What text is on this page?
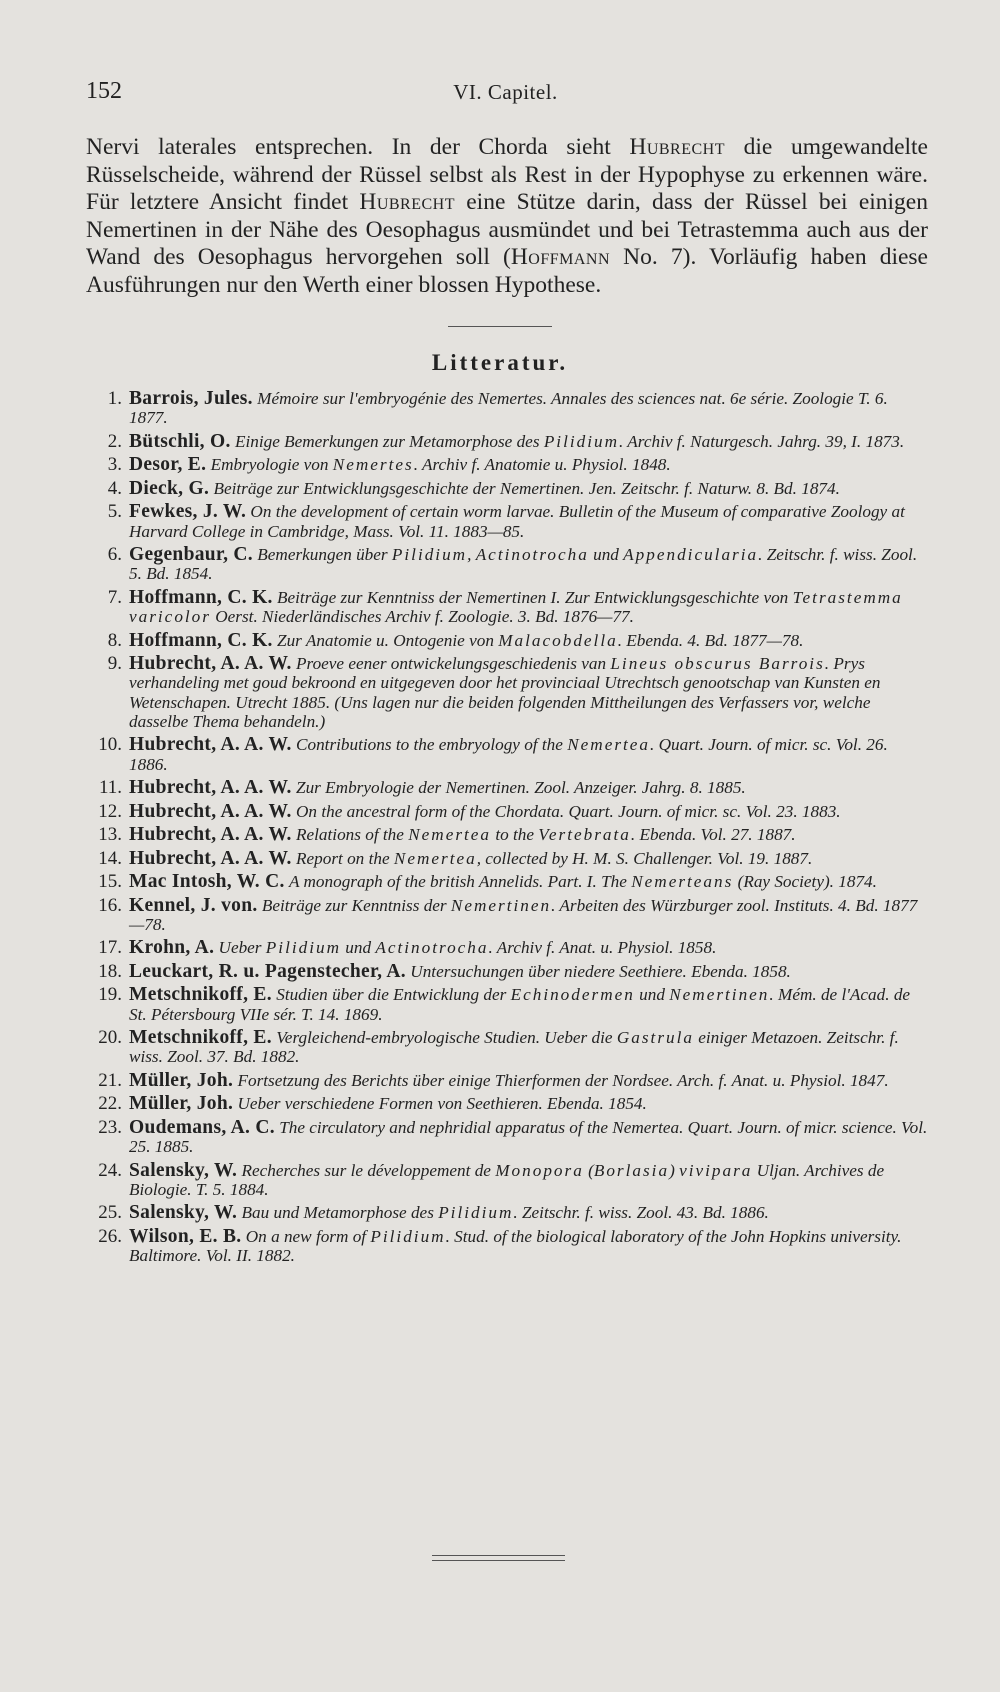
152	VI. Capitel.

Nervi laterales entsprechen. In der Chorda sieht Hubrecht die umgewandelte Rüsselscheide, während der Rüssel selbst als Rest in der Hypophyse zu erkennen wäre. Für letztere Ansicht findet Hubrecht eine Stütze darin, dass der Rüssel bei einigen Nemertinen in der Nähe des Oesophagus ausmündet und bei Tetrastemma auch aus der Wand des Oesophagus hervorgehen soll (Hoffmann No. 7). Vorläufig haben diese Ausführungen nur den Werth einer blossen Hypothese.

Litteratur.
1. Barrois, Jules. Mémoire sur l'embryogénie des Nemertes. Annales des sciences nat. 6e série. Zoologie T. 6. 1877.
2. Bütschli, O. Einige Bemerkungen zur Metamorphose des Pilidium. Archiv f. Naturgesch. Jahrg. 39, I. 1873.
3. Desor, E. Embryologie von Nemertes. Archiv f. Anatomie u. Physiol. 1848.
4. Dieck, G. Beiträge zur Entwicklungsgeschichte der Nemertinen. Jen. Zeitschr. f. Naturw. 8. Bd. 1874.
5. Fewkes, J. W. On the development of certain worm larvae. Bulletin of the Museum of comparative Zoology at Harvard College in Cambridge, Mass. Vol. 11. 1883—85.
6. Gegenbaur, C. Bemerkungen über Pilidium, Actinotrocha und Appendicularia. Zeitschr. f. wiss. Zool. 5. Bd. 1854.
7. Hoffmann, C. K. Beiträge zur Kenntniss der Nemertinen I. Zur Entwicklungsgeschichte von Tetrastemma varicolor Oerst. Niederländisches Archiv f. Zoologie. 3. Bd. 1876—77.
8. Hoffmann, C. K. Zur Anatomie u. Ontogenie von Malacobdella. Ebenda. 4. Bd. 1877—78.
9. Hubrecht, A. A. W. Proeve eener ontwickelungsgeschiedenis van Lineus obscurus Barrois. Prys verhandeling met goud bekroond en uitgegeven door het provinciaal Utrechtsch genootschap van Kunsten en Wetenschapen. Utrecht 1885. (Uns lagen nur die beiden folgenden Mittheilungen des Verfassers vor, welche dasselbe Thema behandeln.)
10. Hubrecht, A. A. W. Contributions to the embryology of the Nemertea. Quart. Journ. of micr. sc. Vol. 26. 1886.
11. Hubrecht, A. A. W. Zur Embryologie der Nemertinen. Zool. Anzeiger. Jahrg. 8. 1885.
12. Hubrecht, A. A. W. On the ancestral form of the Chordata. Quart. Journ. of micr. sc. Vol. 23. 1883.
13. Hubrecht, A. A. W. Relations of the Nemertea to the Vertebrata. Ebenda. Vol. 27. 1887.
14. Hubrecht, A. A. W. Report on the Nemertea, collected by H. M. S. Challenger. Vol. 19. 1887.
15. Mac Intosh, W. C. A monograph of the british Annelids. Part. I. The Nemerteans (Ray Society). 1874.
16. Kennel, J. von. Beiträge zur Kenntniss der Nemertinen. Arbeiten des Würzburger zool. Instituts. 4. Bd. 1877—78.
17. Krohn, A. Ueber Pilidium und Actinotrocha. Archiv f. Anat. u. Physiol. 1858.
18. Leuckart, R. u. Pagenstecher, A. Untersuchungen über niedere Seethiere. Ebenda. 1858.
19. Metschnikoff, E. Studien über die Entwicklung der Echinodermen und Nemertinen. Mém. de l'Acad. de St. Pétersbourg VIIe sér. T. 14. 1869.
20. Metschnikoff, E. Vergleichend-embryologische Studien. Ueber die Gastrula einiger Metazoen. Zeitschr. f. wiss. Zool. 37. Bd. 1882.
21. Müller, Joh. Fortsetzung des Berichts über einige Thierformen der Nordsee. Arch. f. Anat. u. Physiol. 1847.
22. Müller, Joh. Ueber verschiedene Formen von Seethieren. Ebenda. 1854.
23. Oudemans, A. C. The circulatory and nephridial apparatus of the Nemertea. Quart. Journ. of micr. science. Vol. 25. 1885.
24. Salensky, W. Recherches sur le développement de Monopora (Borlasia) vivipara Uljan. Archives de Biologie. T. 5. 1884.
25. Salensky, W. Bau und Metamorphose des Pilidium. Zeitschr. f. wiss. Zool. 43. Bd. 1886.
26. Wilson, E. B. On a new form of Pilidium. Stud. of the biological laboratory of the John Hopkins university. Baltimore. Vol. II. 1882.
